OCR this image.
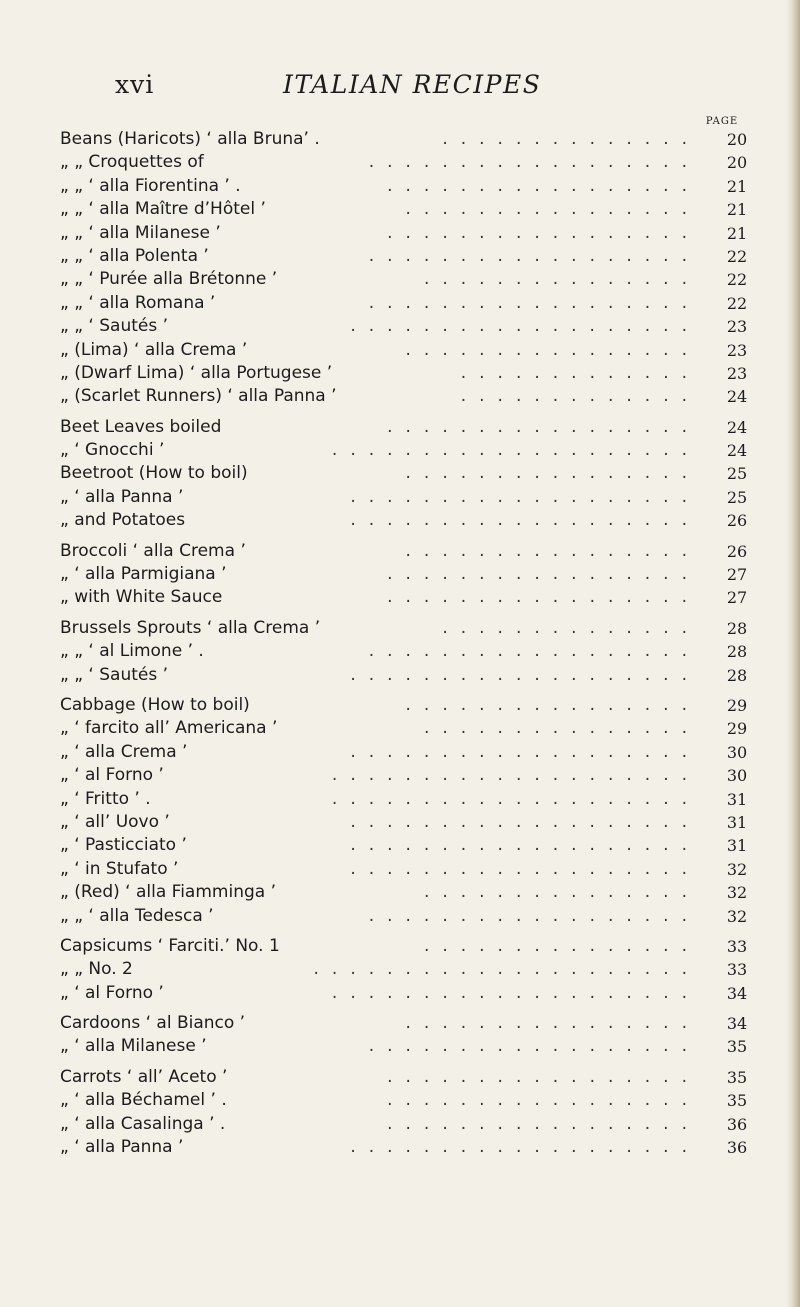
xvi	ITALIAN RECIPES
PAGE
..............
Beans (Haricots) ‘ alla Bruna’ .	20
..................
„ „ Croquettes of	20
.................
„ „ ‘ alla Fiorentina ’ .	21
................
„ „ ‘ alla Maître d’Hôtel ’	21
.................
„ „ ‘ alla Milanese ’	21
..................
„ „ ‘ alla Polenta ’	22
...............
„ „ ‘ Purée alla Brétonne ’	22
..................
„ „ ‘ alla Romana ’	22
...................
„ „ ‘ Sautés ’	23
................
„ (Lima) ‘ alla Crema ’	23
.............
„ (Dwarf Lima) ‘ alla Portugese ’	23
.............
„ (Scarlet Runners) ‘ alla Panna ’	24
.................
Beet Leaves boiled	24
....................
„ ‘ Gnocchi ’	24
................
Beetroot (How to boil)	25
...................
„ ‘ alla Panna ’	25
...................
„ and Potatoes	26
................
Broccoli ‘ alla Crema ’	26
.................
„ ‘ alla Parmigiana ’	27
.................
„ with White Sauce	27
..............
Brussels Sprouts ‘ alla Crema ’	28
..................
„ „ ‘ al Limone ’ .	28
...................
„ „ ‘ Sautés ’	28
................
Cabbage (How to boil)	29
...............
„ ‘ farcito all’ Americana ’	29
...................
„ ‘ alla Crema ’	30
....................
„ ‘ al Forno ’	30
....................
„ ‘ Fritto ’ .	31
...................
„ ‘ all’ Uovo ’	31
...................
„ ‘ Pasticciato ’	31
...................
„ ‘ in Stufato ’	32
...............
„ (Red) ‘ alla Fiamminga ’	32
..................
„ „ ‘ alla Tedesca ’	32
...............
Capsicums ‘ Farciti.’ No. 1	33
.....................
„ „ No. 2	33
....................
„ ‘ al Forno ’	34
................
Cardoons ‘ al Bianco ’	34
..................
„ ‘ alla Milanese ’	35
.................
Carrots ‘ all’ Aceto ’	35
.................
„ ‘ alla Béchamel ’ .	35
.................
„ ‘ alla Casalinga ’ .	36
...................
„ ‘ alla Panna ’	36
